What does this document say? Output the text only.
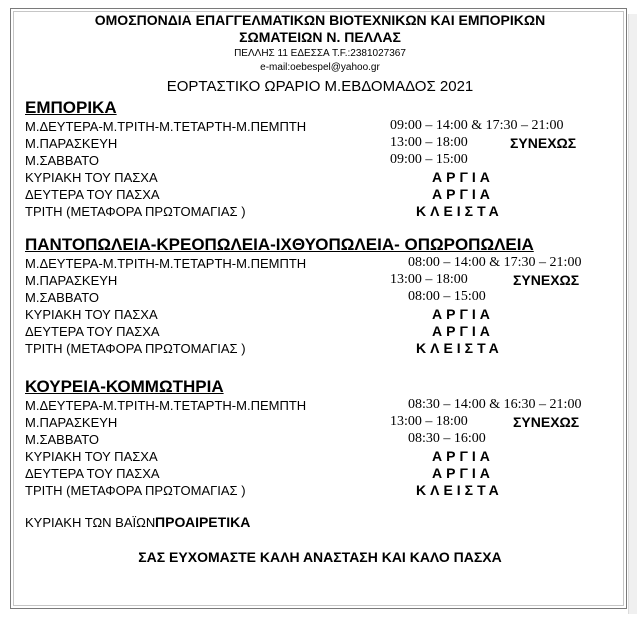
ΟΜΟΣΠΟΝΔΙΑ ΕΠΑΓΓΕΛΜΑΤΙΚΩΝ ΒΙΟΤΕΧΝΙΚΩΝ ΚΑΙ ΕΜΠΟΡΙΚΩΝ
ΣΩΜΑΤΕΙΩΝ Ν. ΠΕΛΛΑΣ
ΠΕΛΛΗΣ 11 ΕΔΕΣΣΑ T.F.:2381027367
e-mail:oebespel@yahoo.gr
ΕΟΡΤΑΣΤΙΚΟ ΩΡΑΡΙΟ Μ.ΕΒΔΟΜΑΔΟΣ 2021
ΕΜΠΟΡΙΚΑ
Μ.ΔΕΥΤΕΡΑ-Μ.ΤΡΙΤΗ-Μ.ΤΕΤΑΡΤΗ-Μ.ΠΕΜΠΤΗ	09:00 – 14:00 & 17:30 – 21:00
Μ.ΠΑΡΑΣΚΕΥΗ	13:00 – 18:00	ΣΥΝΕΧΩΣ
Μ.ΣΑΒΒΑΤΟ	09:00 – 15:00
ΚΥΡΙΑΚΗ ΤΟΥ ΠΑΣΧΑ	ΑΡΓΙΑ
ΔΕΥΤΕΡΑ ΤΟΥ ΠΑΣΧΑ	ΑΡΓΙΑ
ΤΡΙΤΗ (ΜΕΤΑΦΟΡΑ ΠΡΩΤΟΜΑΓΙΑΣ )	ΚΛΕΙΣΤΑ
ΠΑΝΤΟΠΩΛΕΙΑ-ΚΡΕΟΠΩΛΕΙΑ-ΙΧΘΥΟΠΩΛΕΙΑ- ΟΠΩΡΟΠΩΛΕΙΑ
Μ.ΔΕΥΤΕΡΑ-Μ.ΤΡΙΤΗ-Μ.ΤΕΤΑΡΤΗ-Μ.ΠΕΜΠΤΗ	08:00 – 14:00 & 17:30 – 21:00
Μ.ΠΑΡΑΣΚΕΥΗ	13:00 – 18:00	ΣΥΝΕΧΩΣ
Μ.ΣΑΒΒΑΤΟ	08:00 – 15:00
ΚΥΡΙΑΚΗ ΤΟΥ ΠΑΣΧΑ	ΑΡΓΙΑ
ΔΕΥΤΕΡΑ ΤΟΥ ΠΑΣΧΑ	ΑΡΓΙΑ
ΤΡΙΤΗ (ΜΕΤΑΦΟΡΑ ΠΡΩΤΟΜΑΓΙΑΣ )	ΚΛΕΙΣΤΑ
ΚΟΥΡΕΙΑ-ΚΟΜΜΩΤΗΡΙΑ
Μ.ΔΕΥΤΕΡΑ-Μ.ΤΡΙΤΗ-Μ.ΤΕΤΑΡΤΗ-Μ.ΠΕΜΠΤΗ	08:30 – 14:00 & 16:30 – 21:00
Μ.ΠΑΡΑΣΚΕΥΗ	13:00 – 18:00	ΣΥΝΕΧΩΣ
Μ.ΣΑΒΒΑΤΟ	08:30 – 16:00
ΚΥΡΙΑΚΗ ΤΟΥ ΠΑΣΧΑ	ΑΡΓΙΑ
ΔΕΥΤΕΡΑ ΤΟΥ ΠΑΣΧΑ	ΑΡΓΙΑ
ΤΡΙΤΗ (ΜΕΤΑΦΟΡΑ ΠΡΩΤΟΜΑΓΙΑΣ )	ΚΛΕΙΣΤΑ
ΚΥΡΙΑΚΗ ΤΩΝ ΒΑΪΩΝ ΠΡΟΑΙΡΕΤΙΚΑ
ΣΑΣ ΕΥΧΟΜΑΣΤΕ ΚΑΛΗ ΑΝΑΣΤΑΣΗ ΚΑΙ ΚΑΛΟ ΠΑΣΧΑ
